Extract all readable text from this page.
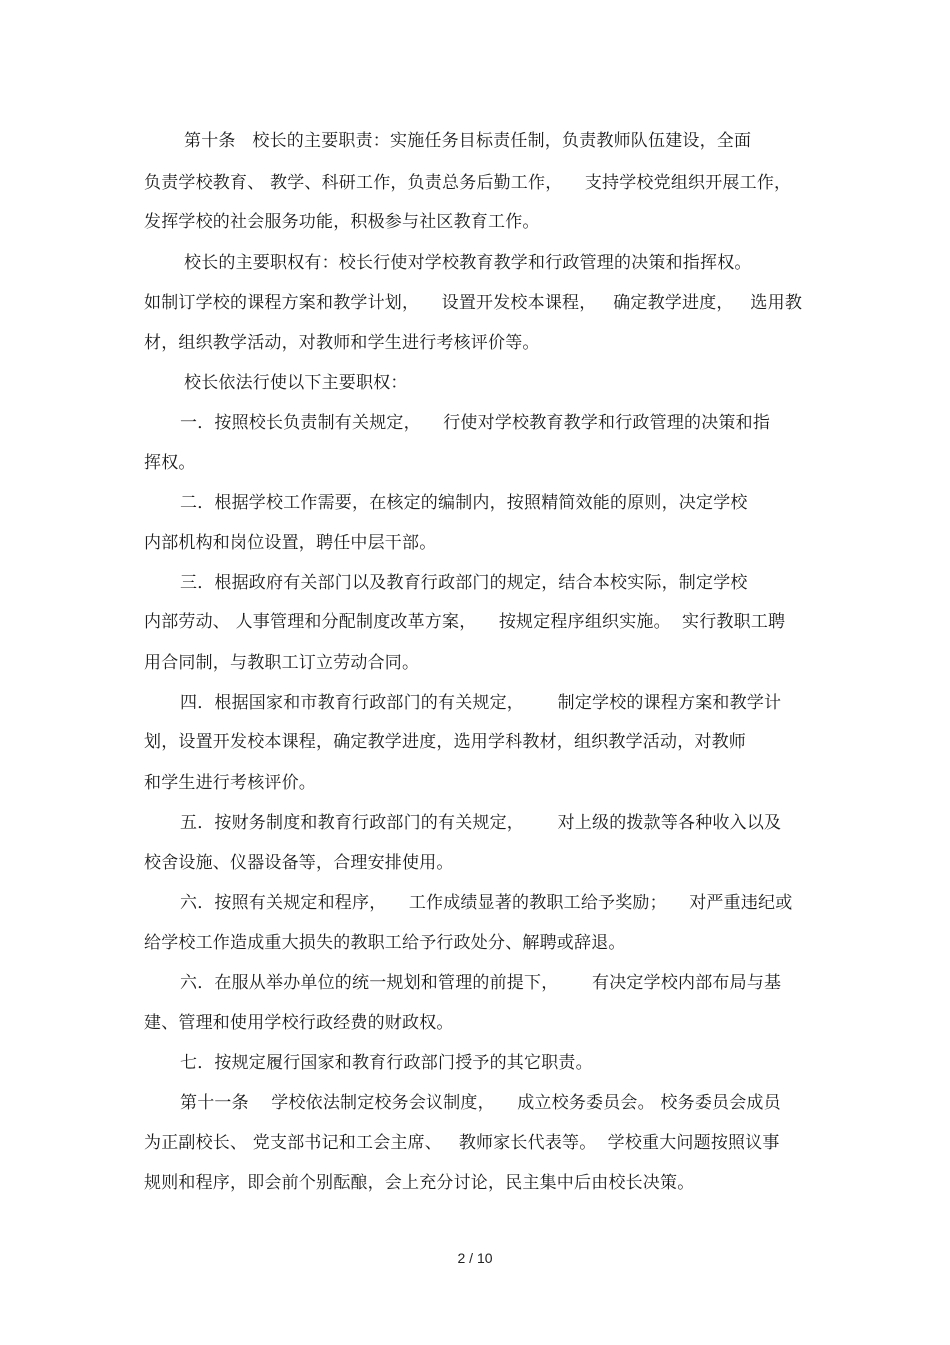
第十条   校长的主要职责：实施任务目标责任制，负责教师队伍建设，全面
负责学校教育、 教学、科研工作，负责总务后勤工作，    支持学校党组织开展工作，
发挥学校的社会服务功能，积极参与社区教育工作。
校长的主要职权有：校长行使对学校教育教学和行政管理的决策和指挥权。
如制订学校的课程方案和教学计划，    设置开发校本课程，   确定教学进度，   选用教
材，组织教学活动，对教师和学生进行考核评价等。
校长依法行使以下主要职权：
一．按照校长负责制有关规定，    行使对学校教育教学和行政管理的决策和指
挥权。
二．根据学校工作需要，在核定的编制内，按照精简效能的原则，决定学校
内部机构和岗位设置，聘任中层干部。
三．根据政府有关部门以及教育行政部门的规定，结合本校实际，制定学校
内部劳动、 人事管理和分配制度改革方案，    按规定程序组织实施。  实行教职工聘
用合同制，与教职工订立劳动合同。
四．根据国家和市教育行政部门的有关规定，      制定学校的课程方案和教学计
划，设置开发校本课程，确定教学进度，选用学科教材，组织教学活动，对教师
和学生进行考核评价。
五．按财务制度和教育行政部门的有关规定，      对上级的拨款等各种收入以及
校舍设施、仪器设备等，合理安排使用。
六．按照有关规定和程序，    工作成绩显著的教职工给予奖励；    对严重违纪或
给学校工作造成重大损失的教职工给予行政处分、解聘或辞退。
六．在服从举办单位的统一规划和管理的前提下，      有决定学校内部布局与基
建、管理和使用学校行政经费的财政权。
七．按规定履行国家和教育行政部门授予的其它职责。
第十一条    学校依法制定校务会议制度，    成立校务委员会。 校务委员会成员
为正副校长、 党支部书记和工会主席、   教师家长代表等。  学校重大问题按照议事
规则和程序，即会前个别酝酿，会上充分讨论，民主集中后由校长决策。
2 / 10
